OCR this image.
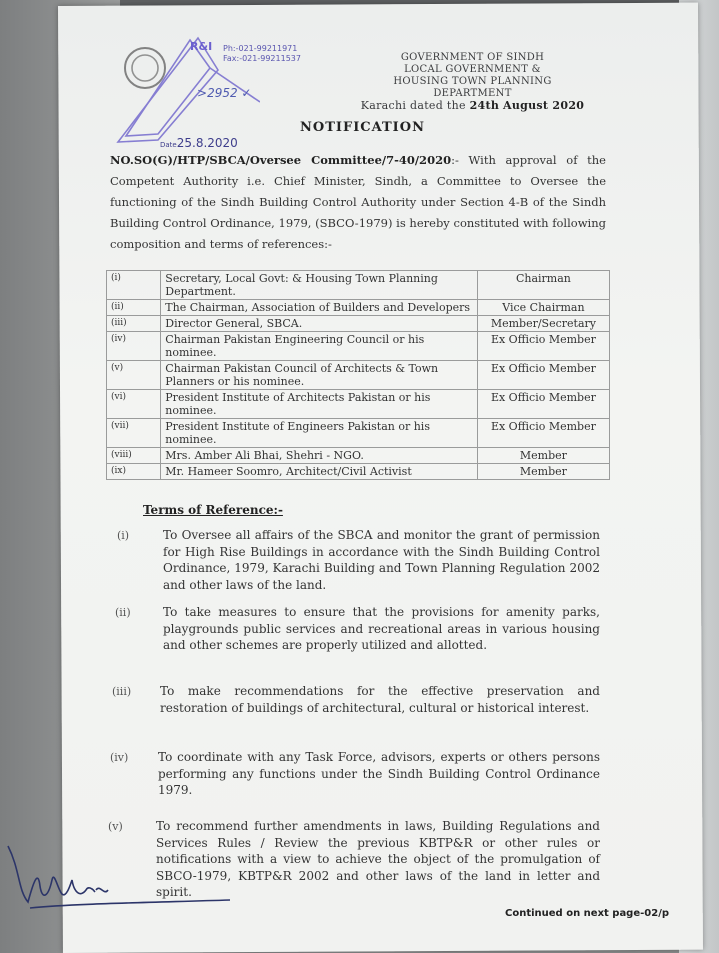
R&I Ph:-021-99211971
Fax:-021-99211537
>2952 ✓
Date25.8.2020
GOVERNMENT OF SINDH
LOCAL GOVERNMENT &
HOUSING TOWN PLANNING DEPARTMENT
Karachi dated the 24th August 2020
NOTIFICATION
NO.SO(G)/HTP/SBCA/Oversee Committee/7-40/2020:- With approval of the Competent Authority i.e. Chief Minister, Sindh, a Committee to Oversee the functioning of the Sindh Building Control Authority under Section 4-B of the Sindh Building Control Ordinance, 1979, (SBCO-1979) is hereby constituted with following composition and terms of references:-
(i)	Secretary, Local Govt: & Housing Town Planning Department.	Chairman
(ii)	The Chairman, Association of Builders and Developers	Vice Chairman
(iii)	Director General, SBCA.	Member/Secretary
(iv)	Chairman Pakistan Engineering Council or his nominee.	Ex Officio Member
(v)	Chairman Pakistan Council of Architects & Town Planners or his nominee.	Ex Officio Member
(vi)	President Institute of Architects Pakistan or his nominee.	Ex Officio Member
(vii)	President Institute of Engineers Pakistan or his nominee.	Ex Officio Member
(viii)	Mrs. Amber Ali Bhai, Shehri - NGO.	Member
(ix)	Mr. Hameer Soomro, Architect/Civil Activist	Member
Terms of Reference:-
(i)	To Oversee all affairs of the SBCA and monitor the grant of permission for High Rise Buildings in accordance with the Sindh Building Control Ordinance, 1979, Karachi Building and Town Planning Regulation 2002 and other laws of the land.
(ii)	To take measures to ensure that the provisions for amenity parks, playgrounds public services and recreational areas in various housing and other schemes are properly utilized and allotted.
(iii) To make recommendations for the effective preservation and restoration of buildings of architectural, cultural or historical interest.
(iv) To coordinate with any Task Force, advisors, experts or others persons performing any functions under the Sindh Building Control Ordinance 1979.
(v)	To recommend further amendments in laws, Building Regulations and Services Rules / Review the previous KBTP&R or other rules or notifications with a view to achieve the object of the promulgation of SBCO-1979, KBTP&R 2002 and other laws of the land in letter and spirit.
Continued on next page-02/p
